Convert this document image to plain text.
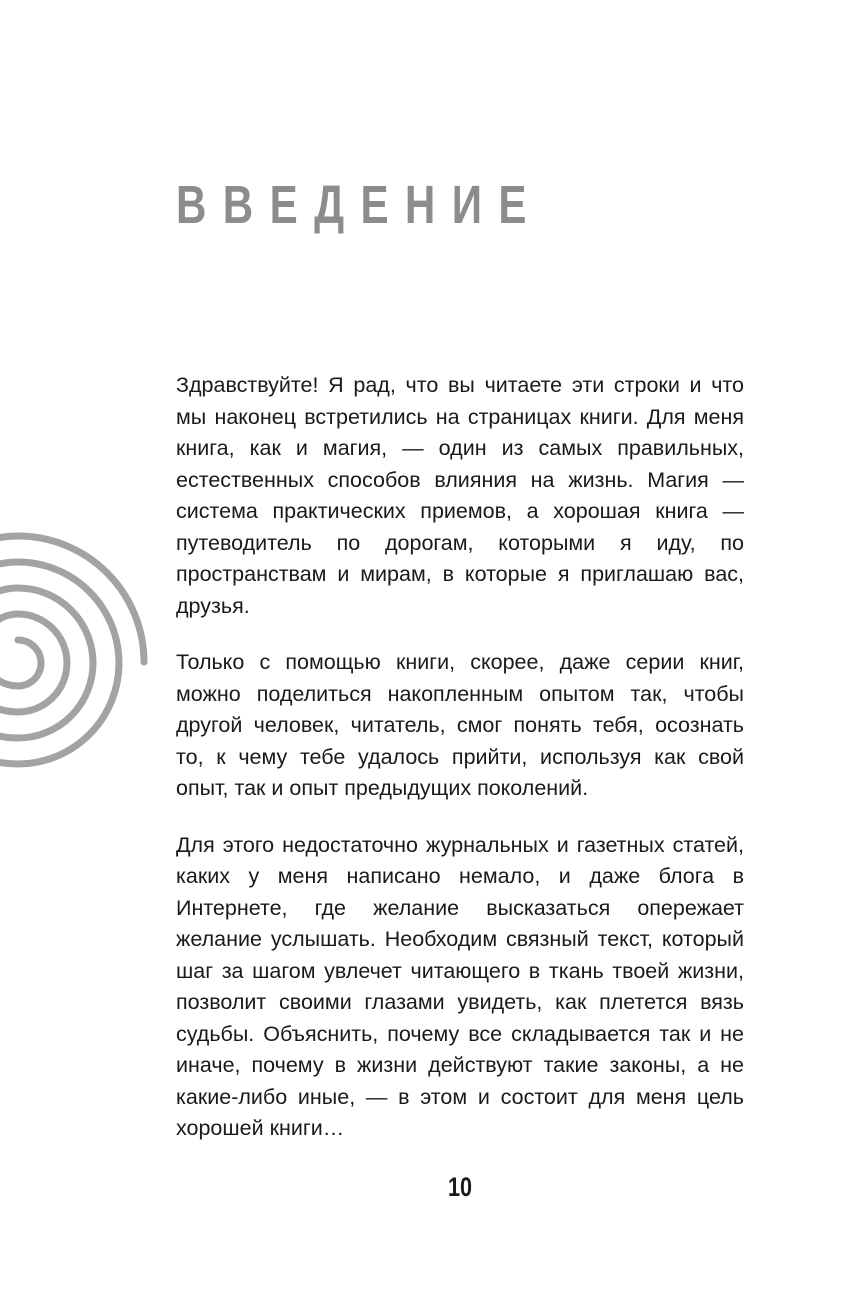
ВВЕДЕНИЕ

Здравствуйте! Я рад, что вы читаете эти строки и что мы наконец встретились на страницах книги. Для меня книга, как и магия, — один из самых правильных, естественных способов влияния на жизнь. Магия — система практических приемов, а хорошая книга — путеводитель по дорогам, которыми я иду, по пространствам и мирам, в которые я приглашаю вас, друзья.

Только с помощью книги, скорее, даже серии книг, можно поделиться накопленным опытом так, чтобы другой человек, читатель, смог понять тебя, осознать то, к чему тебе удалось прийти, используя как свой опыт, так и опыт предыдущих поколений.

Для этого недостаточно журнальных и газетных статей, каких у меня написано немало, и даже блога в Интернете, где желание высказаться опережает желание услышать. Необходим связный текст, который шаг за шагом увлечет читающего в ткань твоей жизни, позволит своими глазами увидеть, как плетется вязь судьбы. Объяснить, почему все складывается так и не иначе, почему в жизни действуют такие законы, а не какие-либо иные, — в этом и состоит для меня цель хорошей книги…

10
